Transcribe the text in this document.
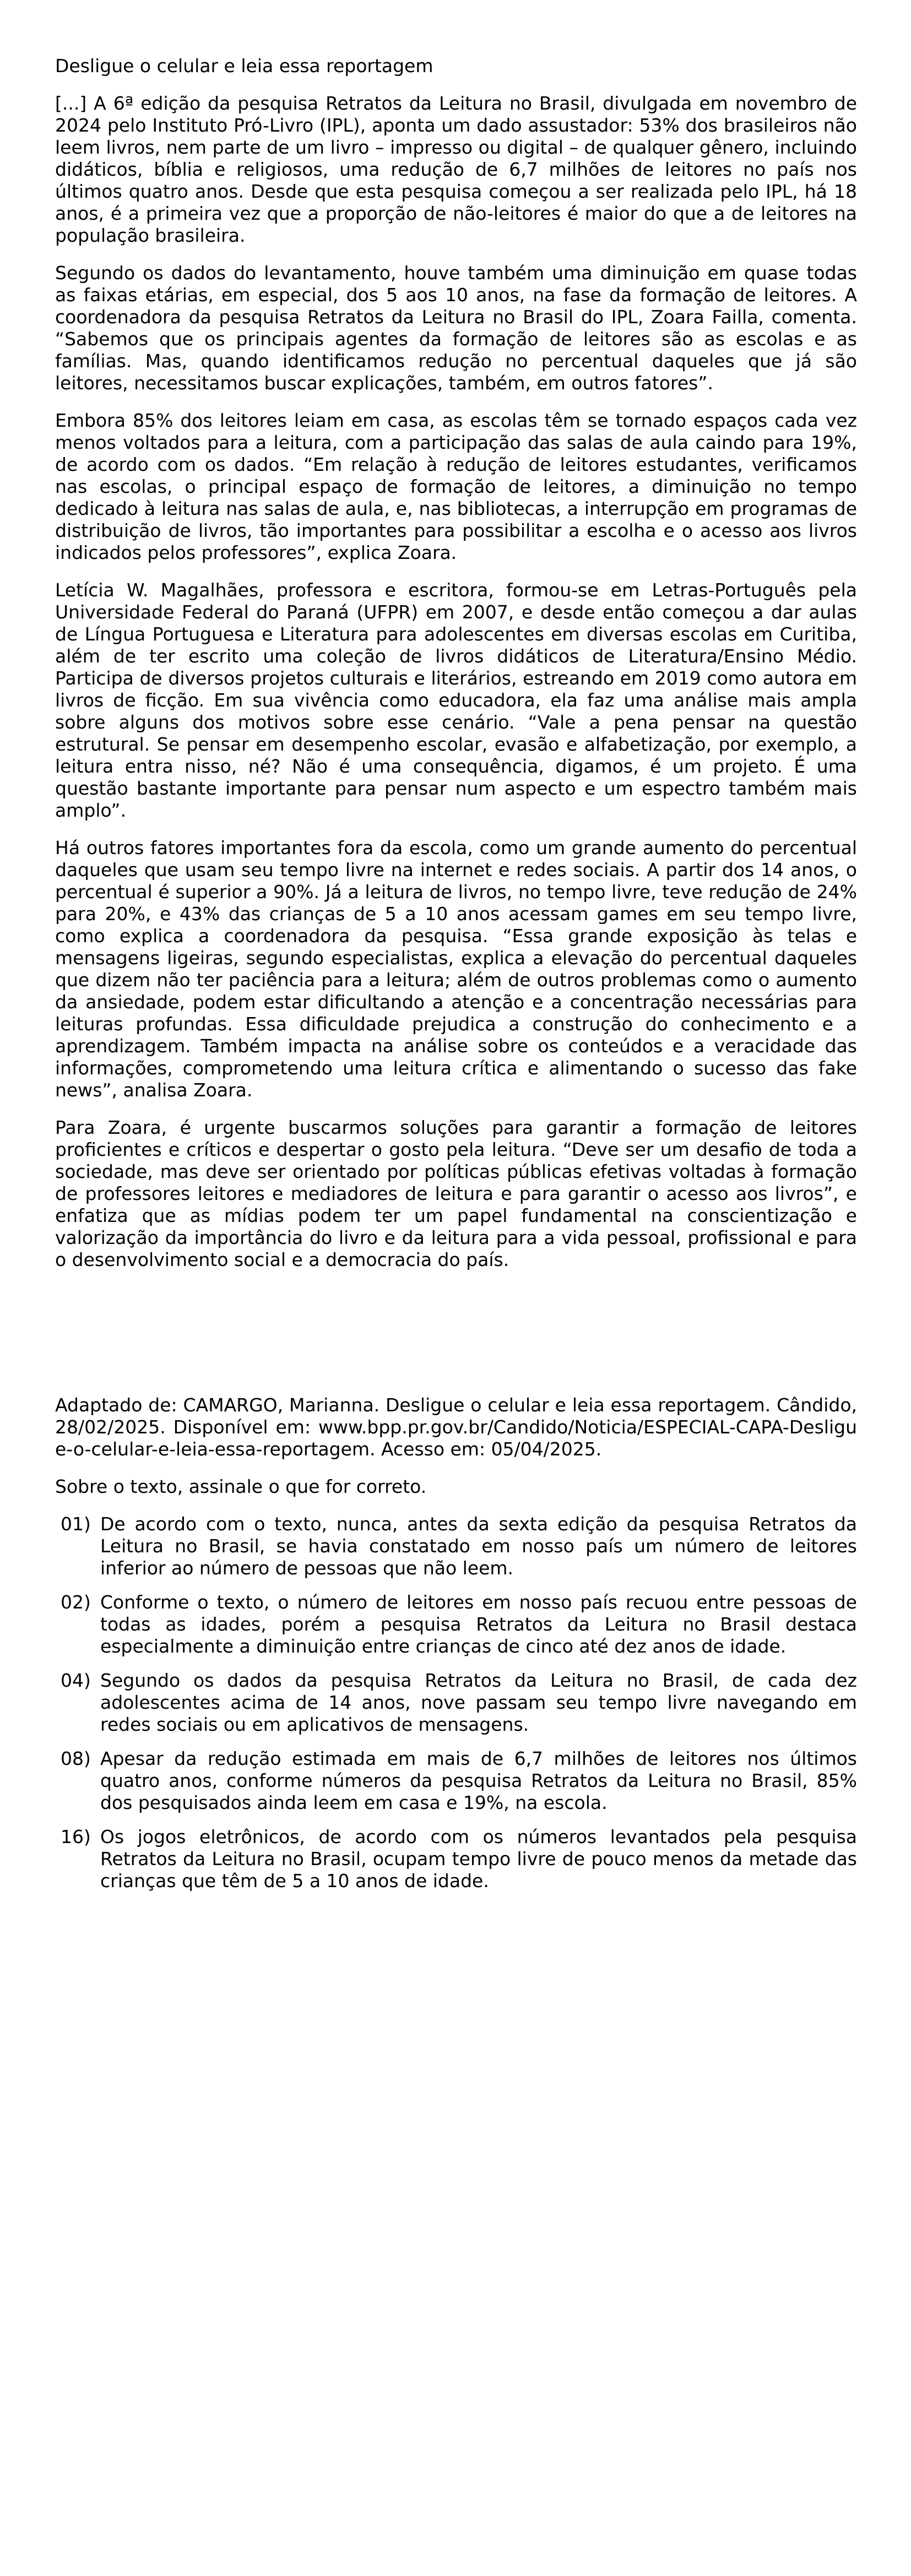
Desligue o celular e leia essa reportagem

[...] A 6ª edição da pesquisa Retratos da Leitura no Brasil, divulgada em novembro de 2024 pelo Instituto Pró-Livro (IPL), aponta um dado assustador: 53% dos brasileiros não leem livros, nem parte de um livro – impresso ou digital – de qualquer gênero, incluindo didáticos, bíblia e religiosos, uma redução de 6,7 milhões de leitores no país nos últimos quatro anos. Desde que esta pesquisa começou a ser realizada pelo IPL, há 18 anos, é a primeira vez que a proporção de não-leitores é maior do que a de leitores na população brasileira.

Segundo os dados do levantamento, houve também uma diminuição em quase todas as faixas etárias, em especial, dos 5 aos 10 anos, na fase da formação de leitores. A coordenadora da pesquisa Retratos da Leitura no Brasil do IPL, Zoara Failla, comenta. “Sabemos que os principais agentes da formação de leitores são as escolas e as famílias. Mas, quando identificamos redução no percentual daqueles que já são leitores, necessitamos buscar explicações, também, em outros fatores”.

Embora 85% dos leitores leiam em casa, as escolas têm se tornado espaços cada vez menos voltados para a leitura, com a participação das salas de aula caindo para 19%, de acordo com os dados. “Em relação à redução de leitores estudantes, verificamos nas escolas, o principal espaço de formação de leitores, a diminuição no tempo dedicado à leitura nas salas de aula, e, nas bibliotecas, a interrupção em programas de distribuição de livros, tão importantes para possibilitar a escolha e o acesso aos livros indicados pelos professores”, explica Zoara.

Letícia W. Magalhães, professora e escritora, formou-se em Letras-Português pela Universidade Federal do Paraná (UFPR) em 2007, e desde então começou a dar aulas de Língua Portuguesa e Literatura para adolescentes em diversas escolas em Curitiba, além de ter escrito uma coleção de livros didáticos de Literatura/Ensino Médio. Participa de diversos projetos culturais e literários, estreando em 2019 como autora em livros de ficção. Em sua vivência como educadora, ela faz uma análise mais ampla sobre alguns dos motivos sobre esse cenário. “Vale a pena pensar na questão estrutural. Se pensar em desempenho escolar, evasão e alfabetização, por exemplo, a leitura entra nisso, né? Não é uma consequência, digamos, é um projeto. É uma questão bastante importante para pensar num aspecto e um espectro também mais amplo”.

Há outros fatores importantes fora da escola, como um grande aumento do percentual daqueles que usam seu tempo livre na internet e redes sociais. A partir dos 14 anos, o percentual é superior a 90%. Já a leitura de livros, no tempo livre, teve redução de 24% para 20%, e 43% das crianças de 5 a 10 anos acessam games em seu tempo livre, como explica a coordenadora da pesquisa. “Essa grande exposição às telas e mensagens ligeiras, segundo especialistas, explica a elevação do percentual daqueles que dizem não ter paciência para a leitura; além de outros problemas como o aumento da ansiedade, podem estar dificultando a atenção e a concentração necessárias para leituras profundas. Essa dificuldade prejudica a construção do conhecimento e a aprendizagem. Também impacta na análise sobre os conteúdos e a veracidade das informações, comprometendo uma leitura crítica e alimentando o sucesso das fake news”, analisa Zoara.

Para Zoara, é urgente buscarmos soluções para garantir a formação de leitores proficientes e críticos e despertar o gosto pela leitura. “Deve ser um desafio de toda a sociedade, mas deve ser orientado por políticas públicas efetivas voltadas à formação de professores leitores e mediadores de leitura e para garantir o acesso aos livros”, e enfatiza que as mídias podem ter um papel fundamental na conscientização e valorização da importância do livro e da leitura para a vida pessoal, profissional e para o desenvolvimento social e a democracia do país.

Adaptado de: CAMARGO, Marianna. Desligue o celular e leia essa reportagem. Cândido, 28/02/2025. Disponível em: www.bpp.pr.gov.br/Candido/Noticia/ESPECIAL-CAPA-Desligue-o-celular-e-leia-essa-reportagem. Acesso em: 05/04/2025.

Sobre o texto, assinale o que for correto.

01) De acordo com o texto, nunca, antes da sexta edição da pesquisa Retratos da Leitura no Brasil, se havia constatado em nosso país um número de leitores inferior ao número de pessoas que não leem.
02) Conforme o texto, o número de leitores em nosso país recuou entre pessoas de todas as idades, porém a pesquisa Retratos da Leitura no Brasil destaca especialmente a diminuição entre crianças de cinco até dez anos de idade.
04) Segundo os dados da pesquisa Retratos da Leitura no Brasil, de cada dez adolescentes acima de 14 anos, nove passam seu tempo livre navegando em redes sociais ou em aplicativos de mensagens.
08) Apesar da redução estimada em mais de 6,7 milhões de leitores nos últimos quatro anos, conforme números da pesquisa Retratos da Leitura no Brasil, 85% dos pesquisados ainda leem em casa e 19%, na escola.
16) Os jogos eletrônicos, de acordo com os números levantados pela pesquisa Retratos da Leitura no Brasil, ocupam tempo livre de pouco menos da metade das crianças que têm de 5 a 10 anos de idade.
